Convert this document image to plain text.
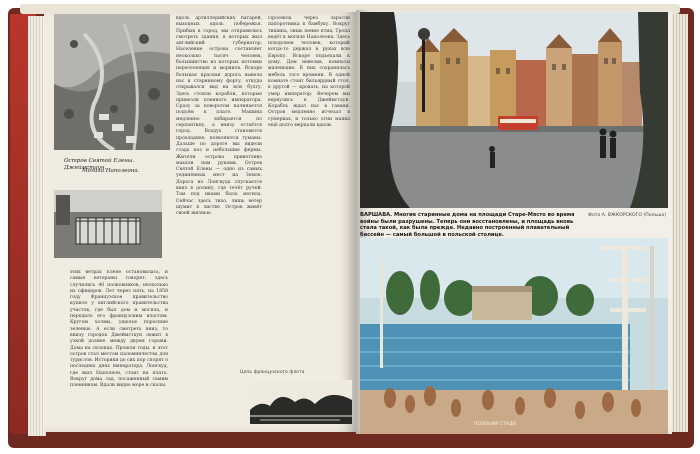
Остров Святой Елены. Джеймстаун.
Могила Наполеона.
этих ветрах Елене остановилась, и самые ветераны говорят: здесь случились 40 полковников, несколько из офицеров. Лет через пять, на 1858 году Французское правительство купило у английского правительства участок, где был дом и могила, и передало его французским властям. Кругом холмы, ущелья поросшие зеленью. А если смотреть вниз, то внизу городок Джеймстаун лежит в узкой долине между двумя горами. Дома на склонах. Прошли годы, и этот остров стал местом паломничества для туристов. Историки до сих пор спорят о последних днях императора. Лонгвуд, где жил Наполеон, стоит на плато. Вокруг дома сад, посаженный самим пленником. Вдали видно море и скалы.
вдоль артиллерийских батарей, выходных вдоль побережья. Прибыв в город, мы отправились смотреть здания, в которых жил английский губернатор. Население острова составляет несколько тысяч человек, большинство из которых потомки переселенцев и моряков. Вскоре большая красная дорога вывела нас к старинному форту, откуда открывался вид на всю бухту. Здесь стояли корабли, которые привезли пленного императора. Сразу за поворотом начинается подъём к плато. Машина медленно взбирается по серпантину, а внизу остаётся город. Воздух становится прохладнее, появляются туманы. Дальше по дороге мы видели стада коз и небольшие фермы. Жители острова приветливо махали нам руками. Остров Святой Елены — одно из самых уединённых мест на Земле. Дорога из Лонгвуда спускается вниз в долину, где течёт ручей. Там под ивами была могила. Сейчас здесь тихо, лишь ветер шумит в листве. Остров живёт своей жизнью.
Просекла через заросли папоротника к бамбуку. Вокруг тишина, лишь пение птиц. Тропа ведёт к могиле Наполеона. Здесь похоронен человек, который когда-то держал в руках всю Европу. Вскоре подъехали к дому. Дом невелик, комнаты маленькие. В них сохранилась мебель того времени. В одной комнате стоит бильярдный стол, в другой — кровать, на которой умер император. Вечером мы вернулись в Джеймстаун. Корабль ждал нас в гавани. Остров медленно исчезал в сумерках, и только огни маяка ещё долго мерцали вдали.
Цепь французского флота
ВАРШАВА. Многие старинные дома на площади Старе-Място во время войны были разрушены. Теперь они восстановлены, и площадь вновь стала такой, как была прежде. Недавно построенный плавательный бассейн — самый большой в польской столице.
Фото А. ВЖКОРСКОГО (Польша)
ПОЛОНИЯ СТАДИ
